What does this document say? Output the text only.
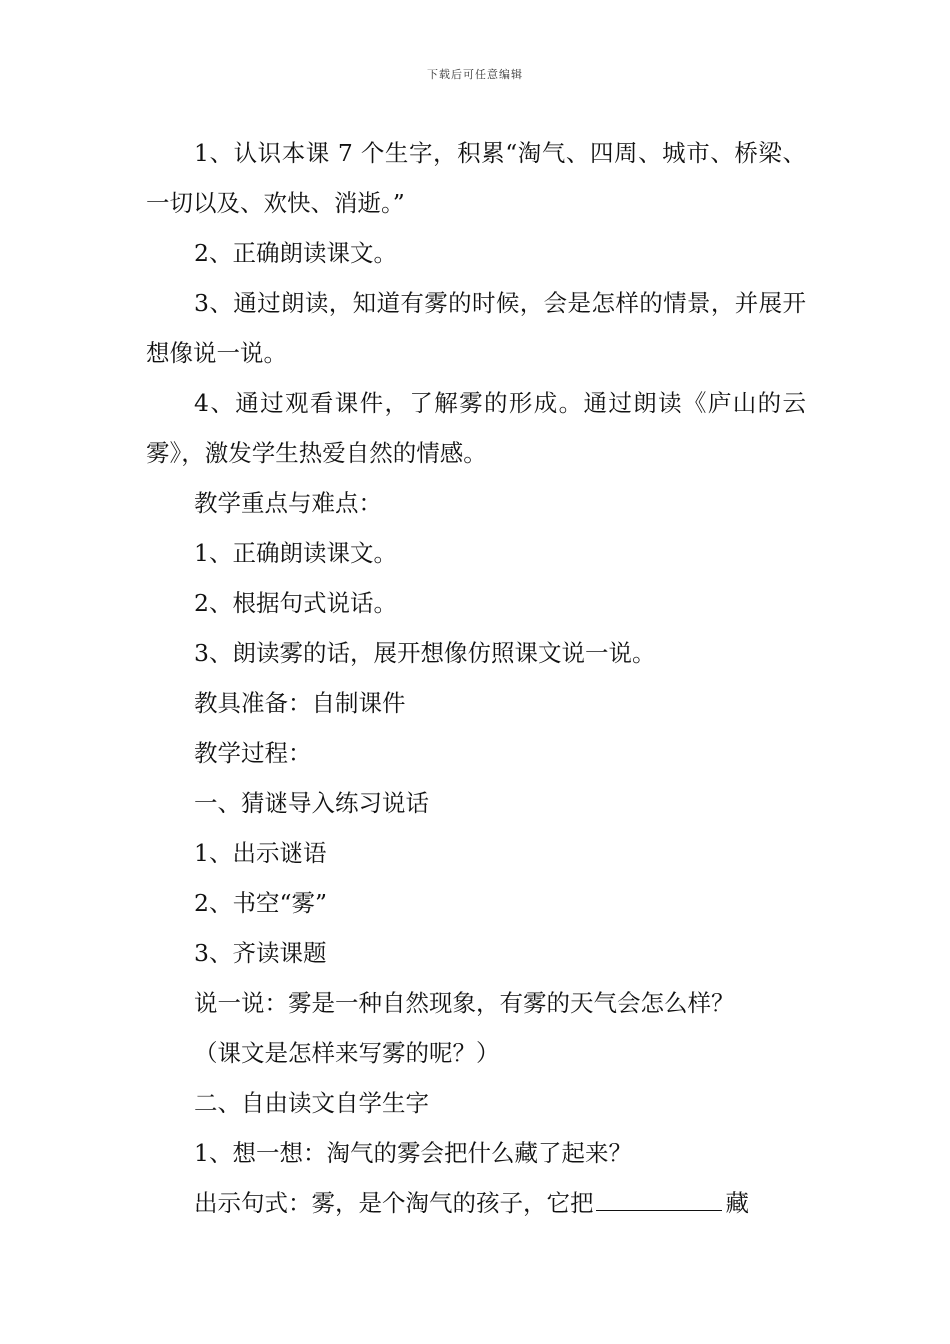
下载后可任意编辑

1、认识本课 7 个生字，积累“淘气、四周、城市、桥梁、一切以及、欢快、消逝。”

2、正确朗读课文。

3、通过朗读，知道有雾的时候，会是怎样的情景，并展开想像说一说。

4、通过观看课件，了解雾的形成。通过朗读《庐山的云雾》，激发学生热爱自然的情感。

教学重点与难点：

1、正确朗读课文。

2、根据句式说话。

3、朗读雾的话，展开想像仿照课文说一说。

教具准备：自制课件

教学过程：

一、猜谜导入练习说话

1、出示谜语

2、书空“雾”

3、齐读课题

说一说：雾是一种自然现象，有雾的天气会怎么样？

（课文是怎样来写雾的呢？）

二、自由读文自学生字

1、想一想：淘气的雾会把什么藏了起来？

出示句式：雾，是个淘气的孩子，它把	藏
